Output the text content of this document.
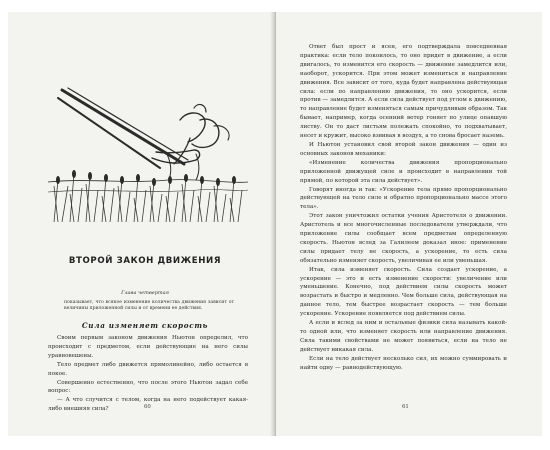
ВТОРОЙ ЗАКОН ДВИЖЕНИЯ
Глава четвертая

показывает, что всякое изменение количества движения зависит от величины приложенной силы и от времени ее действия.

Сила изменяет скорость

Своим первым законом движения Ньютон определил, что происходит с предметом, если действующие на него силы уравновешены.

Тело предмет либо движется прямолинейно, либо остается в покое.

Совершенно естественно, что после этого Ньютон задал себе вопрос:

— А что случится с телом, когда на него подействует какая-либо внешняя сила?	60

Ответ был прост и ясен, его подтверждала повседневная практика: если тело покоилось, то оно придет в движение, а если двигалось, то изменится его скорость — движение замедлится или, наоборот, ускорится. При этом может измениться и направление движения. Все зависит от того, куда будет направлена действующая сила: если по направлению движения, то оно ускорится, если против — замедлится. А если сила действует под углом к движению, то направление будет изменяться самым причудливым образом. Так бывает, например, когда осенний ветер гоняет по улице опавшую листву. Он то даст листьям полежать спокойно, то подхватывает, несет и кружит, высоко взвивая в воздух, а то снова бросает наземь.

И Ньютон установил свой второй закон движения — один из основных законов механики:

«Изменение количества движения пропорционально приложенной движущей силе и происходит в направлении той прямой, по которой эта сила действует».

Говорят иногда и так: «Ускорение тела прямо пропорционально действующей на тело силе и обратно пропорционально массе этого тела».

Этот закон уничтожил остатки учения Аристотеля о движении. Аристотель и все многочисленные последователи утверждали, что приложение силы сообщает всем предметам определенную скорость. Ньютон вслед за Галилеем доказал иное: применение силы придает телу не скорость, а ускорение, то есть сила обязательно изменяет скорость, увеличивая ее или уменьшая.

Итак, сила изменяет скорость. Сила создает ускорение, а ускорение — это и есть изменение скорости: увеличение или уменьшение. Конечно, под действием силы скорость может возрастать и быстро и медленно. Чем больше сила, действующая на данное тело, тем быстрее возрастает скорость — тем больше ускорение. Ускорение появляется под действием силы.

А если и вслед за ним и остальные физики сила называть какой-то одной или, что изменяет скорость или направление движения. Сила такими свойствами не может появиться, если на тело не действует никакая сила.

Если на тело действует несколько сил, их можно суммировать и найти одну — равнодействующую.

61
